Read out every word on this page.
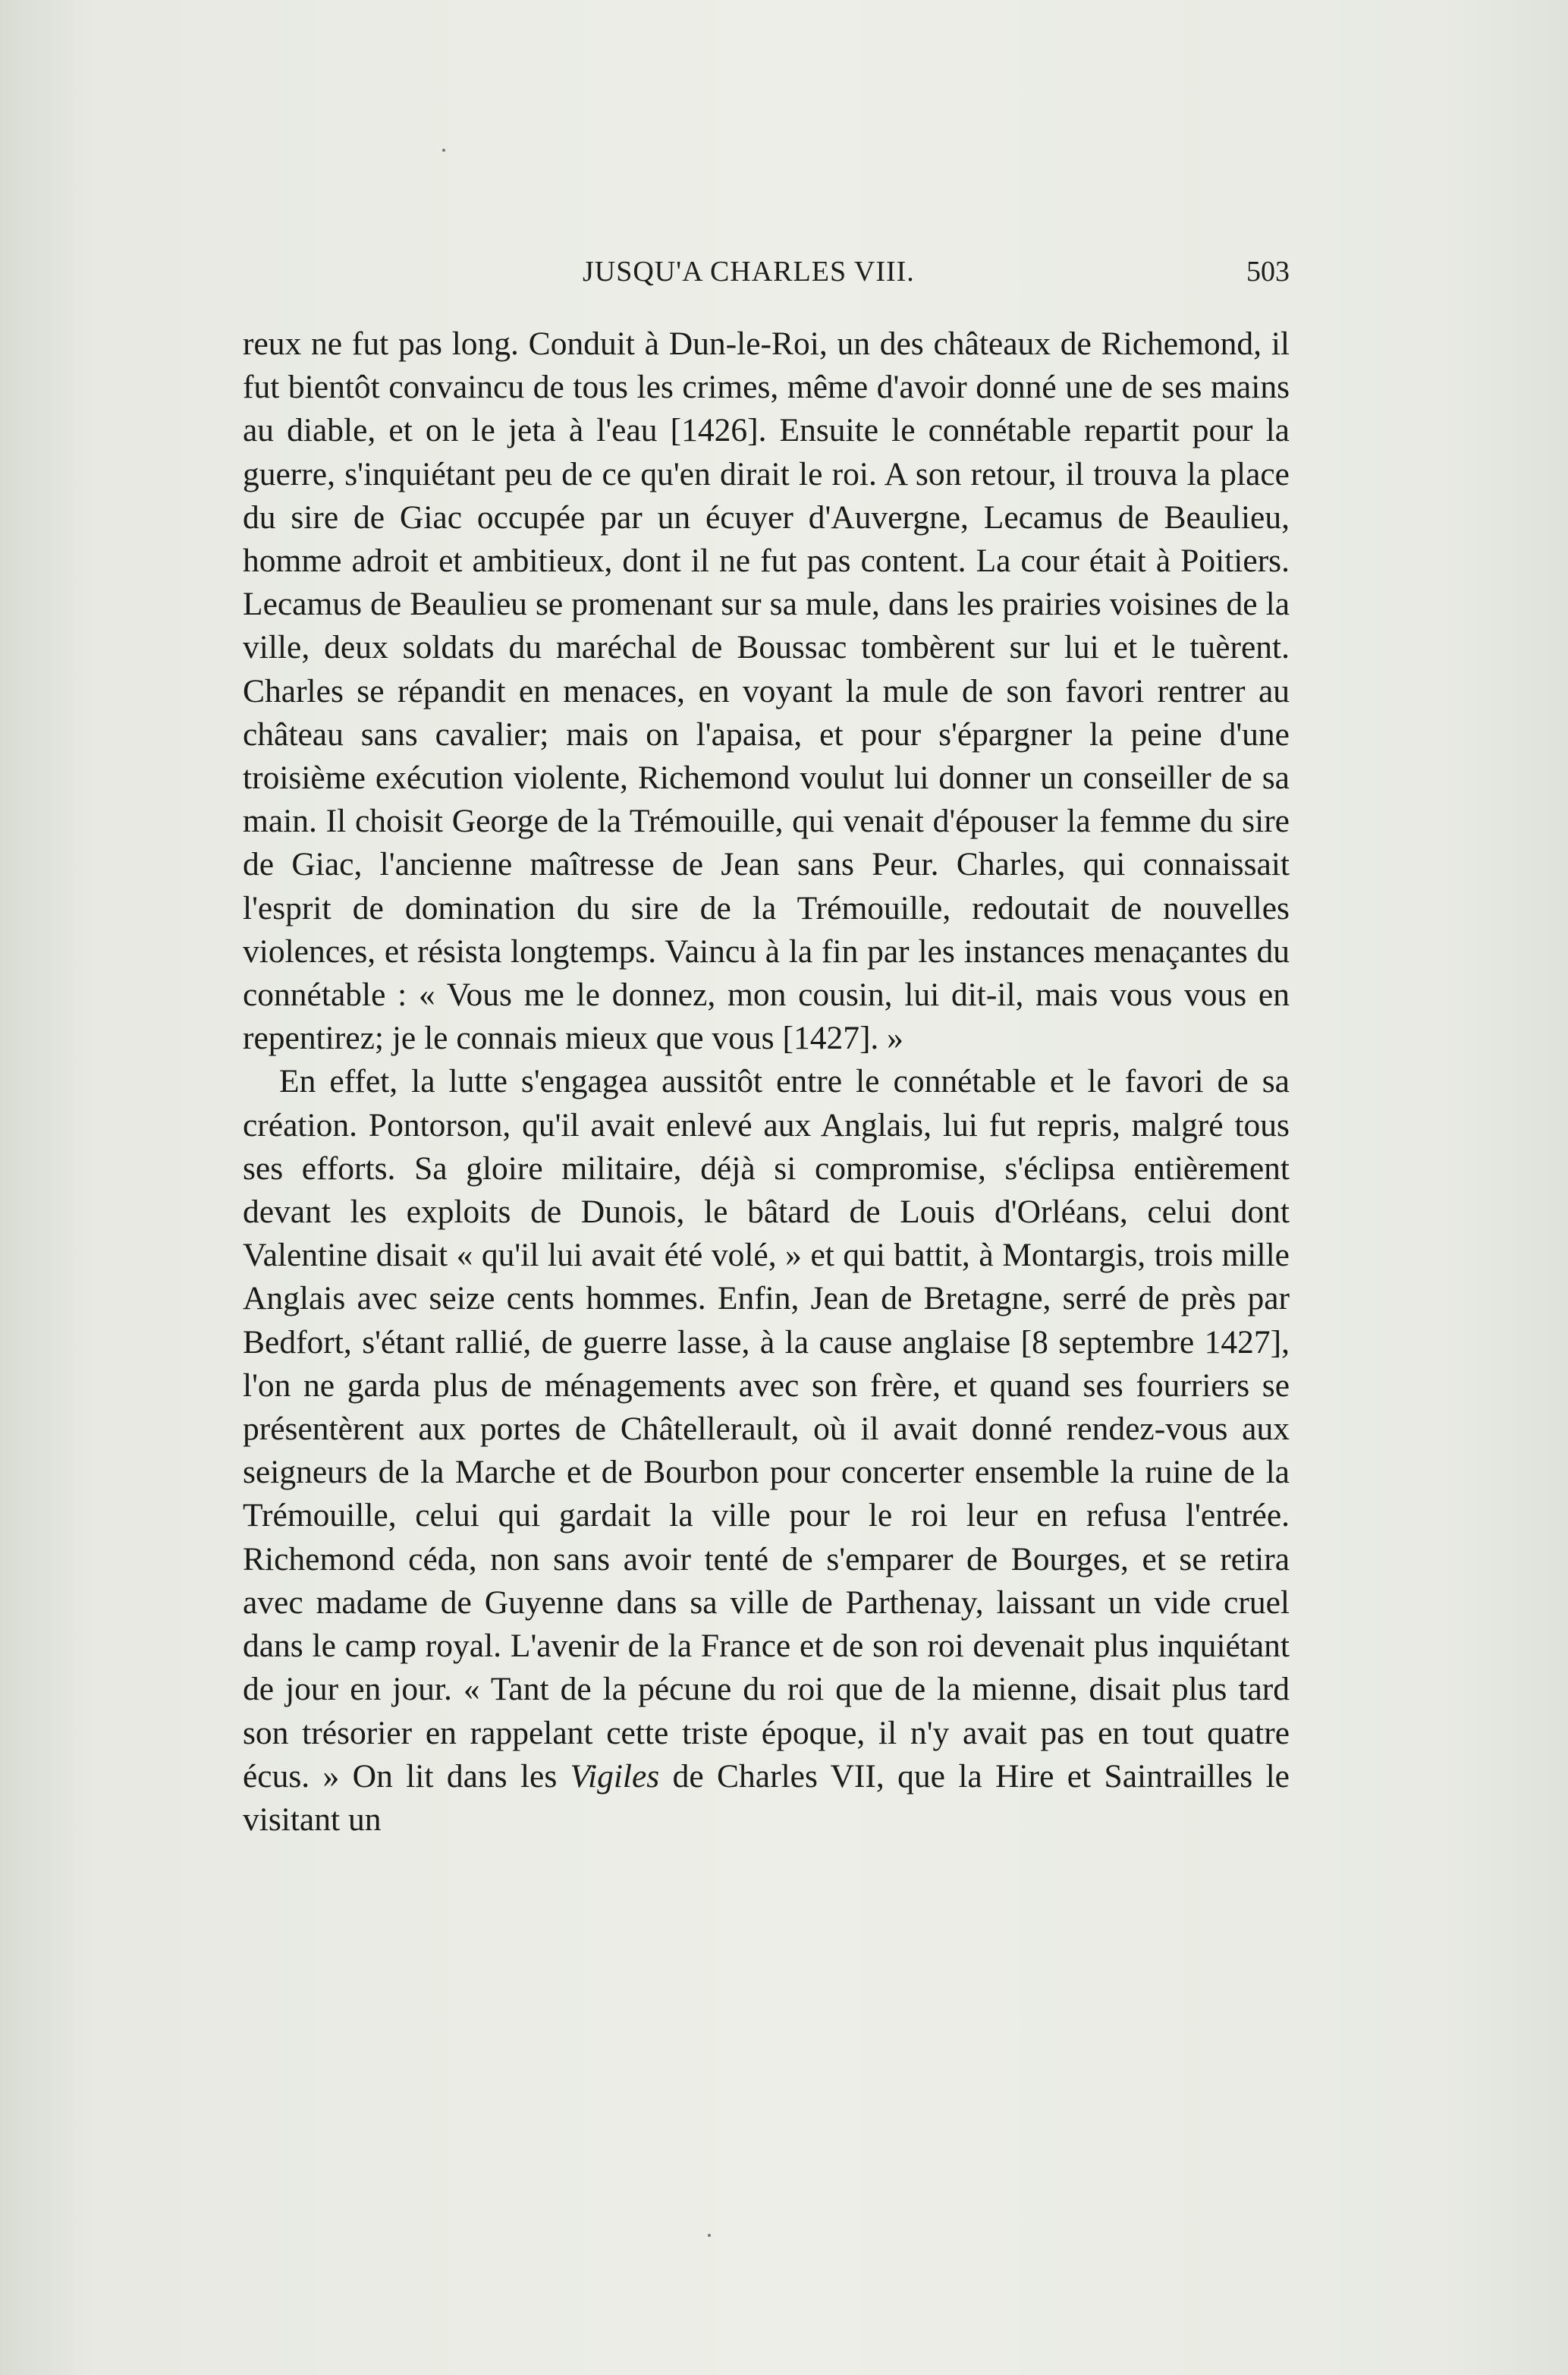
JUSQU'A CHARLES VIII.	503

reux ne fut pas long. Conduit à Dun-le-Roi, un des châteaux de Richemond, il fut bientôt convaincu de tous les crimes, même d'avoir donné une de ses mains au diable, et on le jeta à l'eau [1426]. Ensuite le connétable repartit pour la guerre, s'inquiétant peu de ce qu'en dirait le roi. A son retour, il trouva la place du sire de Giac occupée par un écuyer d'Auvergne, Lecamus de Beaulieu, homme adroit et ambitieux, dont il ne fut pas content. La cour était à Poitiers. Lecamus de Beaulieu se promenant sur sa mule, dans les prairies voisines de la ville, deux soldats du maréchal de Boussac tombèrent sur lui et le tuèrent. Charles se répandit en menaces, en voyant la mule de son favori rentrer au château sans cavalier; mais on l'apaisa, et pour s'épargner la peine d'une troisième exécution violente, Richemond voulut lui donner un conseiller de sa main. Il choisit George de la Trémouille, qui venait d'épouser la femme du sire de Giac, l'ancienne maîtresse de Jean sans Peur. Charles, qui connaissait l'esprit de domination du sire de la Trémouille, redoutait de nouvelles violences, et résista longtemps. Vaincu à la fin par les instances menaçantes du connétable : « Vous me le donnez, mon cousin, lui dit-il, mais vous vous en repentirez; je le connais mieux que vous [1427]. »

En effet, la lutte s'engagea aussitôt entre le connétable et le favori de sa création. Pontorson, qu'il avait enlevé aux Anglais, lui fut repris, malgré tous ses efforts. Sa gloire militaire, déjà si compromise, s'éclipsa entièrement devant les exploits de Dunois, le bâtard de Louis d'Orléans, celui dont Valentine disait « qu'il lui avait été volé, » et qui battit, à Montargis, trois mille Anglais avec seize cents hommes. Enfin, Jean de Bretagne, serré de près par Bedfort, s'étant rallié, de guerre lasse, à la cause anglaise [8 septembre 1427], l'on ne garda plus de ménagements avec son frère, et quand ses fourriers se présentèrent aux portes de Châtellerault, où il avait donné rendez-vous aux seigneurs de la Marche et de Bourbon pour concerter ensemble la ruine de la Trémouille, celui qui gardait la ville pour le roi leur en refusa l'entrée. Richemond céda, non sans avoir tenté de s'emparer de Bourges, et se retira avec madame de Guyenne dans sa ville de Parthenay, laissant un vide cruel dans le camp royal. L'avenir de la France et de son roi devenait plus inquiétant de jour en jour. « Tant de la pécune du roi que de la mienne, disait plus tard son trésorier en rappelant cette triste époque, il n'y avait pas en tout quatre écus. » On lit dans les Vigiles de Charles VII, que la Hire et Saintrailles le visitant un
